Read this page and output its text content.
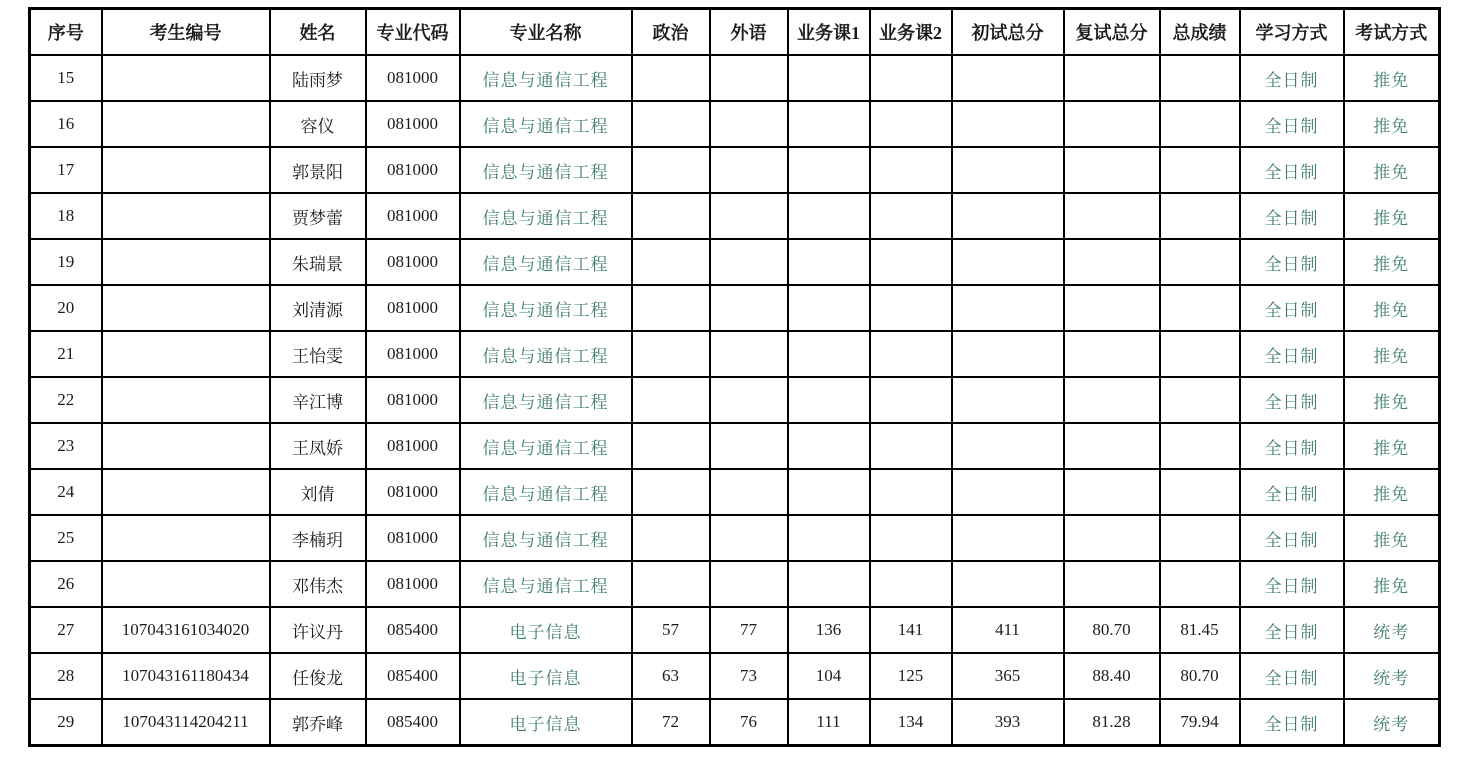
序号	考生编号	姓名	专业代码	专业名称	政治	外语	业务课1	业务课2	初试总分	复试总分	总成绩	学习方式	考试方式
15		陆雨梦	081000	信息与通信工程								全日制	推免
16		容仪	081000	信息与通信工程								全日制	推免
17		郭景阳	081000	信息与通信工程								全日制	推免
18		贾梦蕾	081000	信息与通信工程								全日制	推免
19		朱瑞景	081000	信息与通信工程								全日制	推免
20		刘清源	081000	信息与通信工程								全日制	推免
21		王怡雯	081000	信息与通信工程								全日制	推免
22		辛江博	081000	信息与通信工程								全日制	推免
23		王凤娇	081000	信息与通信工程								全日制	推免
24		刘倩	081000	信息与通信工程								全日制	推免
25		李楠玥	081000	信息与通信工程								全日制	推免
26		邓伟杰	081000	信息与通信工程								全日制	推免
27	107043161034020	许议丹	085400	电子信息	57	77	136	141	411	80.70	81.45	全日制	统考
28	107043161180434	任俊龙	085400	电子信息	63	73	104	125	365	88.40	80.70	全日制	统考
29	107043114204211	郭乔峰	085400	电子信息	72	76	111	134	393	81.28	79.94	全日制	统考
